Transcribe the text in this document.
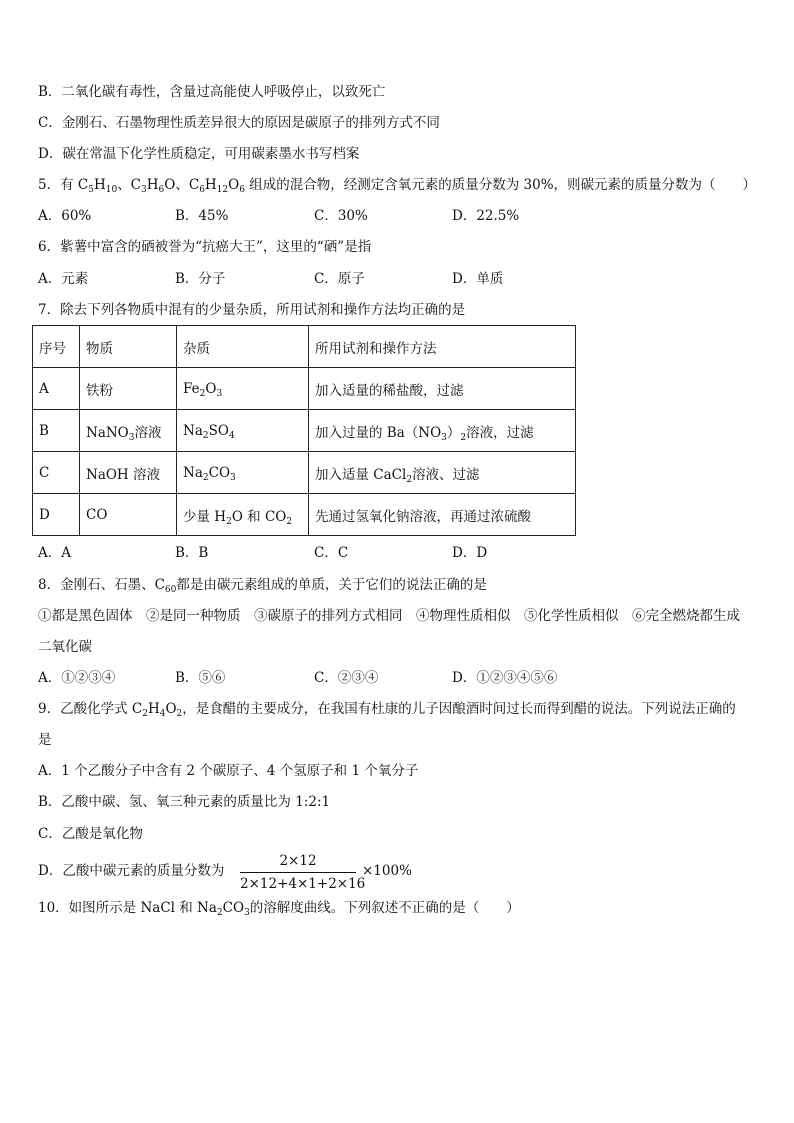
B．二氧化碳有毒性，含量过高能使人呼吸停止，以致死亡
C．金刚石、石墨物理性质差异很大的原因是碳原子的排列方式不同
D．碳在常温下化学性质稳定，可用碳素墨水书写档案
5．有 $C_5H_{10}$、$C_3H_6O$、$C_6H_{12}O_6$ 组成的混合物，经测定含氧元素的质量分数为 30%，则碳元素的质量分数为（　　）
A．60%	B．45%	C．30%	D．22.5%
6．紫薯中富含的硒被誉为“抗癌大王”，这里的“硒”是指
A．元素	B．分子	C．原子	D．单质
7．除去下列各物质中混有的少量杂质，所用试剂和操作方法均正确的是
序号	物质	杂质	所用试剂和操作方法
A	铁粉	$Fe_2O_3$	加入适量的稀盐酸，过滤
B	NaNO$_3$溶液	$Na_2SO_4$	加入过量的 $Ba(NO_3)_2$溶液，过滤
C	NaOH 溶液	$Na_2CO_3$	加入适量 CaCl$_2$溶液、过滤
D	CO	少量 $H_2O$ 和 $CO_2$	先通过氢氧化钠溶液，再通过浓硫酸
A．A	B．B	C．C	D．D
8．金刚石、石墨、$C_{60}$都是由碳元素组成的单质，关于它们的说法正确的是
①都是黑色固体　②是同一种物质　③碳原子的排列方式相同　④物理性质相似　⑤化学性质相似　⑥完全燃烧都生成
二氧化碳
A．①②③④	B．⑤⑥	C．②③④	D．①②③④⑤⑥
9．乙酸化学式 $C_2H_4O_2$，是食醋的主要成分，在我国有杜康的儿子因酿酒时间过长而得到醋的说法。下列说法正确的
是
A．1 个乙酸分子中含有 2 个碳原子、4 个氢原子和 1 个氧分子
B．乙酸中碳、氢、氧三种元素的质量比为 1:2:1
C．乙酸是氧化物
D．乙酸中碳元素的质量分数为
2×12
2×12+4×1+2×16
×100%
10．如图所示是 NaCl 和 $Na_2CO_3$的溶解度曲线。下列叙述不正确的是（　　）
